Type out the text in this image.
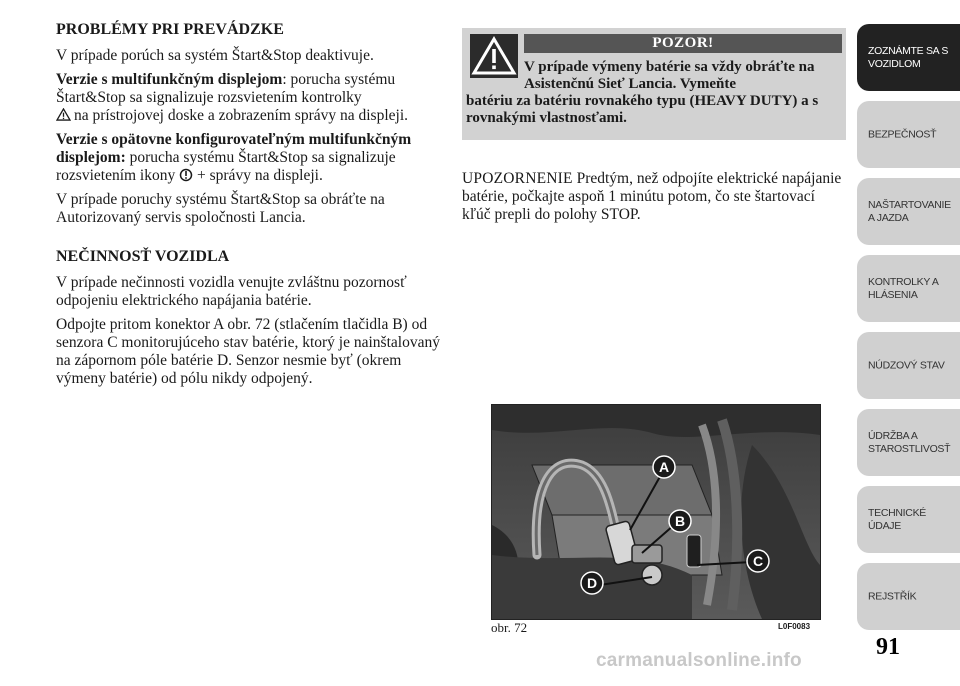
PROBLÉMY PRI PREVÁDZKE

V prípade porúch sa systém Štart&Stop deaktivuje.

Verzie s multifunkčným displejom: porucha systému Štart&Stop sa signalizuje rozsvietením kontrolky
na prístrojovej doske a zobrazením správy na displeji.

Verzie s opätovne konfigurovateľným multifunkčným displejom: porucha systému Štart&Stop sa signalizuje rozsvietením ikony  + správy na displeji.

V prípade poruchy systému Štart&Stop sa obráťte na Autorizovaný servis spoločnosti Lancia.

NEČINNOSŤ VOZIDLA

V prípade nečinnosti vozidla venujte zvláštnu pozornosť odpojeniu elektrického napájania batérie.

Odpojte pritom konektor A obr. 72 (stlačením tlačidla B) od senzora C monitorujúceho stav batérie, ktorý je nainštalovaný na zápornom póle batérie D. Senzor nesmie byť (okrem výmeny batérie) od pólu nikdy odpojený.

POZOR!
V prípade výmeny batérie sa vždy obráťte na Asistenčnú Sieť Lancia. Vymeňte
batériu za batériu rovnakého typu (HEAVY DUTY) a s rovnakými vlastnosťami.

UPOZORNENIE Predtým, než odpojíte elektrické napájanie batérie, počkajte aspoň 1 minútu potom, čo ste štartovací kľúč prepli do polohy STOP.

A
B
C
D
obr. 72	L0F0083
ZOZNÁMTE SA S VOZIDLOM
BEZPEČNOSŤ
NAŠTARTOVANIE A JAZDA
KONTROLKY A HLÁSENIA
NÚDZOVÝ STAV
ÚDRŽBA A STAROSTLIVOSŤ
TECHNICKÉ ÚDAJE
REJSTŘÍK
91
carmanualsonline.info
